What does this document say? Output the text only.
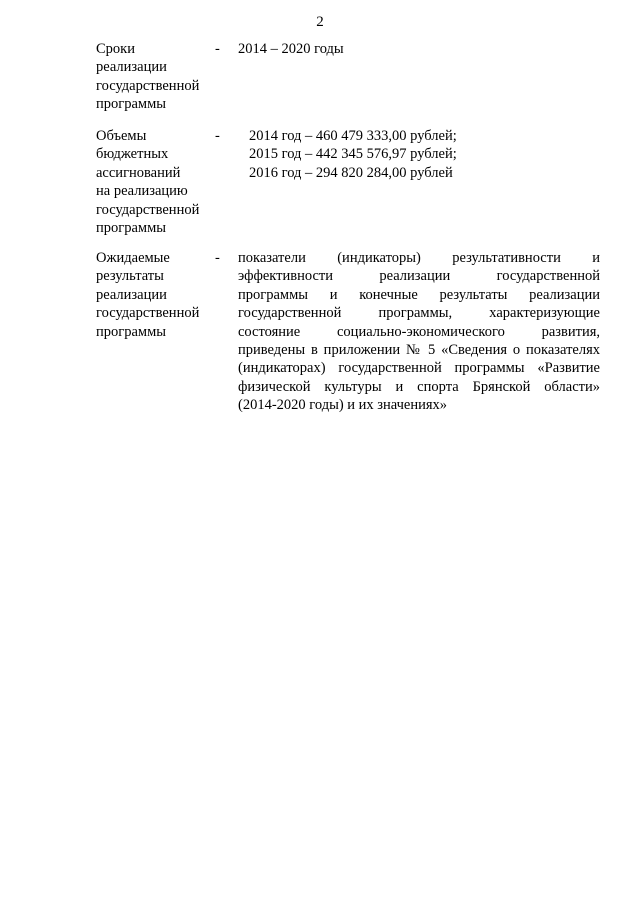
2
Сроки
реализации
государственной
программы
- 2014 – 2020 годы
Объемы
бюджетных
ассигнований
на реализацию
государственной
программы
- 2014 год – 460 479 333,00 рублей;
2015 год – 442 345 576,97 рублей;
2016 год – 294 820 284,00 рублей
Ожидаемые
результаты
реализации
государственной
программы
- показатели (индикаторы) результативности и
эффективности реализации государственной
программы и конечные результаты реализации
государственной программы, характеризующие
состояние социально-экономического развития,
приведены в приложении № 5 «Сведения о показателях
(индикаторах) государственной программы «Развитие
физической культуры и спорта Брянской области»
(2014-2020 годы) и их значениях»
